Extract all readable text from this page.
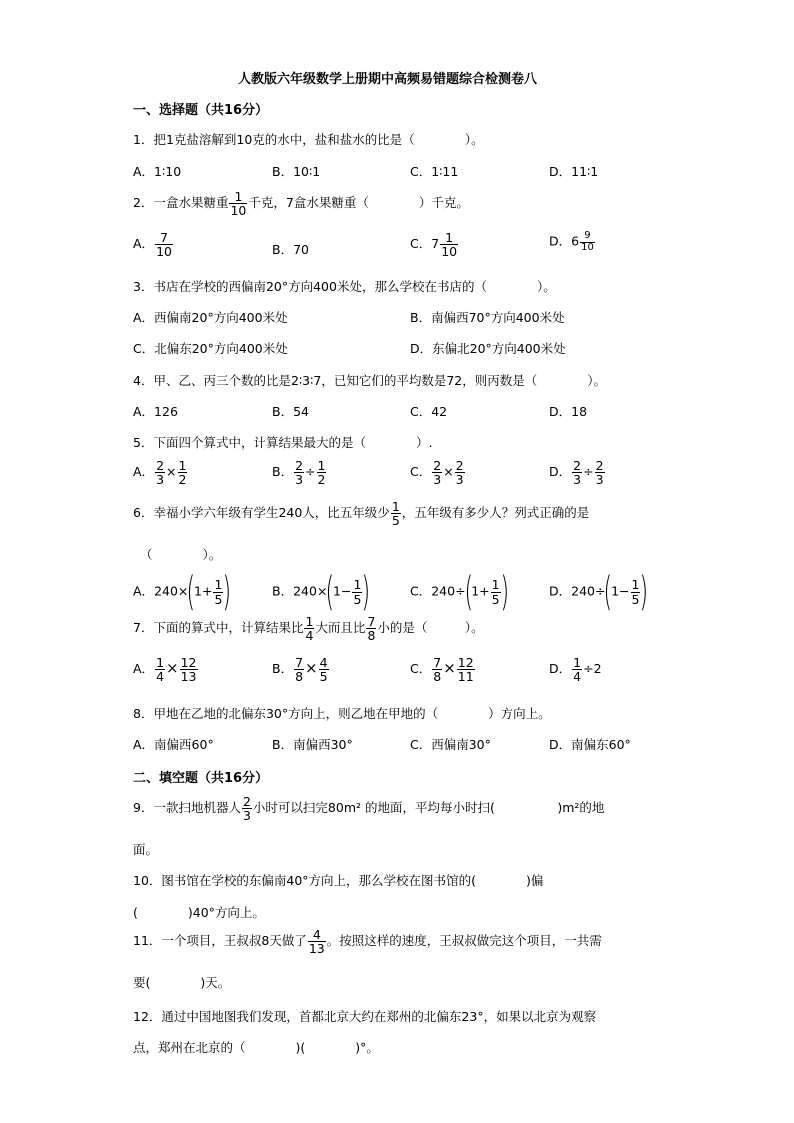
人教版六年级数学上册期中高频易错题综合检测卷八
一、选择题（共16分）
1．把1克盐溶解到10克的水中，盐和盐水的比是（　　　　）。
A．1∶10	B．10∶1	C．1∶11	D．11∶1
2．一盒水果糖重 $\frac{1}{10}$ 千克，7盒水果糖重（　　　　）千克。
A． $\frac{7}{10}$	B．70	C．$7 \frac{1}{10}$	D．$6 \frac{9}{10}$
3．书店在学校的西偏南20°方向400米处，那么学校在书店的（　　　　）。
A．西偏南20°方向400米处	B．南偏西70°方向400米处
C．北偏东20°方向400米处	D．东偏北20°方向400米处
4．甲、乙、丙三个数的比是2∶3∶7，已知它们的平均数是72，则丙数是（　　　　）。
A．126	B．54	C．42	D．18
5．下面四个算式中，计算结果最大的是（　　　　）.
A． $\frac{2}{3} \times \frac{1}{2}$	B． $\frac{2}{3} \div \frac{1}{2}$	C． $\frac{2}{3} \times \frac{2}{3}$	D． $\frac{2}{3} \div \frac{2}{3}$
6．幸福小学六年级有学生240人，比五年级少 $\frac{1}{5}$ ，五年级有多少人？列式正确的是
（　　　　）。
A．$240\times(1+ \frac{1}{5}$ )	B．$240\times(1- \frac{1}{5}$ )	C．$240\div(1+ \frac{1}{5}$ )	D．$240\div(1- \frac{1}{5}$ )
7．下面的算式中，计算结果比 $\frac{1}{4}$ 大而且比 $\frac{7}{8}$ 小的是（　　　）。
A． $\frac{1}{4} \times \frac{12}{13}$	B． $\frac{7}{8} \times \frac{4}{5}$	C． $\frac{7}{8} \times \frac{12}{11}$	D． $\frac{1}{4} \div 2$
8．甲地在乙地的北偏东30°方向上，则乙地在甲地的（　　　　）方向上。
A．南偏西60°	B．南偏西30°	C．西偏南30°	D．南偏东60°
二、填空题（共16分）
9．一款扫地机器人 $\frac{2}{3}$ 小时可以扫完80m² 的地面，平均每小时扫(　　　　　)m²的地
面。
10．图书馆在学校的东偏南40°方向上，那么学校在图书馆的(　　　　)偏
(　　　　)40°方向上。
11．一个项目，王叔叔8天做了 $\frac{4}{13}$ 。按照这样的速度，王叔叔做完这个项目，一共需
要(　　　　)天。
12．通过中国地图我们发现，首都北京大约在郑州的北偏东23°，如果以北京为观察
点，郑州在北京的（　　　　)(　　　　)°。
